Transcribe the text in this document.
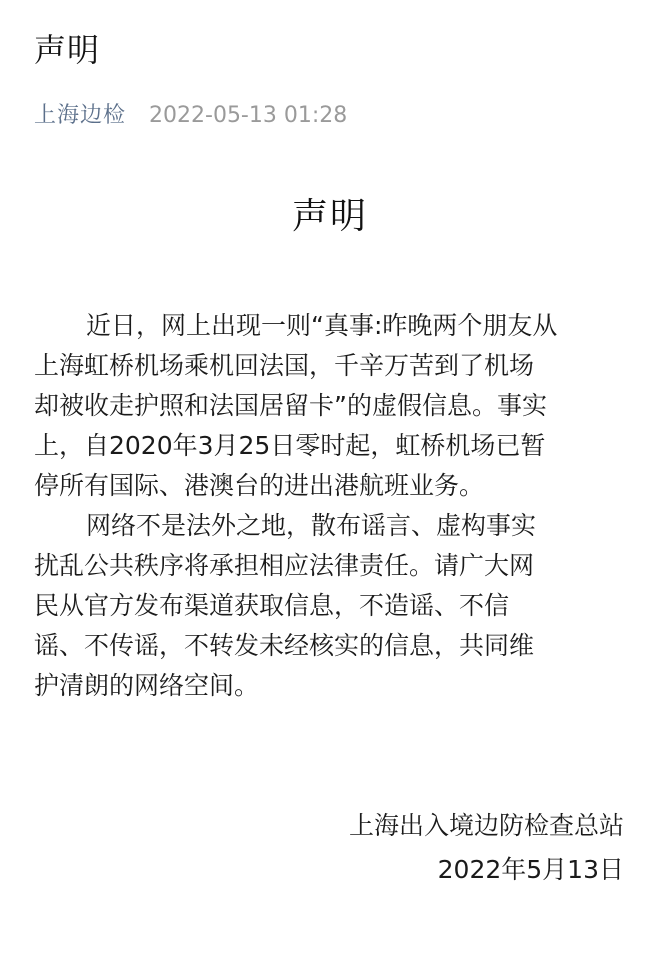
声明
上海边检 2022-05-13 01:28
声明
近日，网上出现一则“真事:昨晚两个朋友从
上海虹桥机场乘机回法国，千辛万苦到了机场
却被收走护照和法国居留卡”的虚假信息。事实
上，自2020年3月25日零时起，虹桥机场已暂
停所有国际、港澳台的进出港航班业务。
网络不是法外之地，散布谣言、虚构事实
扰乱公共秩序将承担相应法律责任。请广大网
民从官方发布渠道获取信息，不造谣、不信
谣、不传谣，不转发未经核实的信息，共同维
护清朗的网络空间。
上海出入境边防检查总站
2022年5月13日
